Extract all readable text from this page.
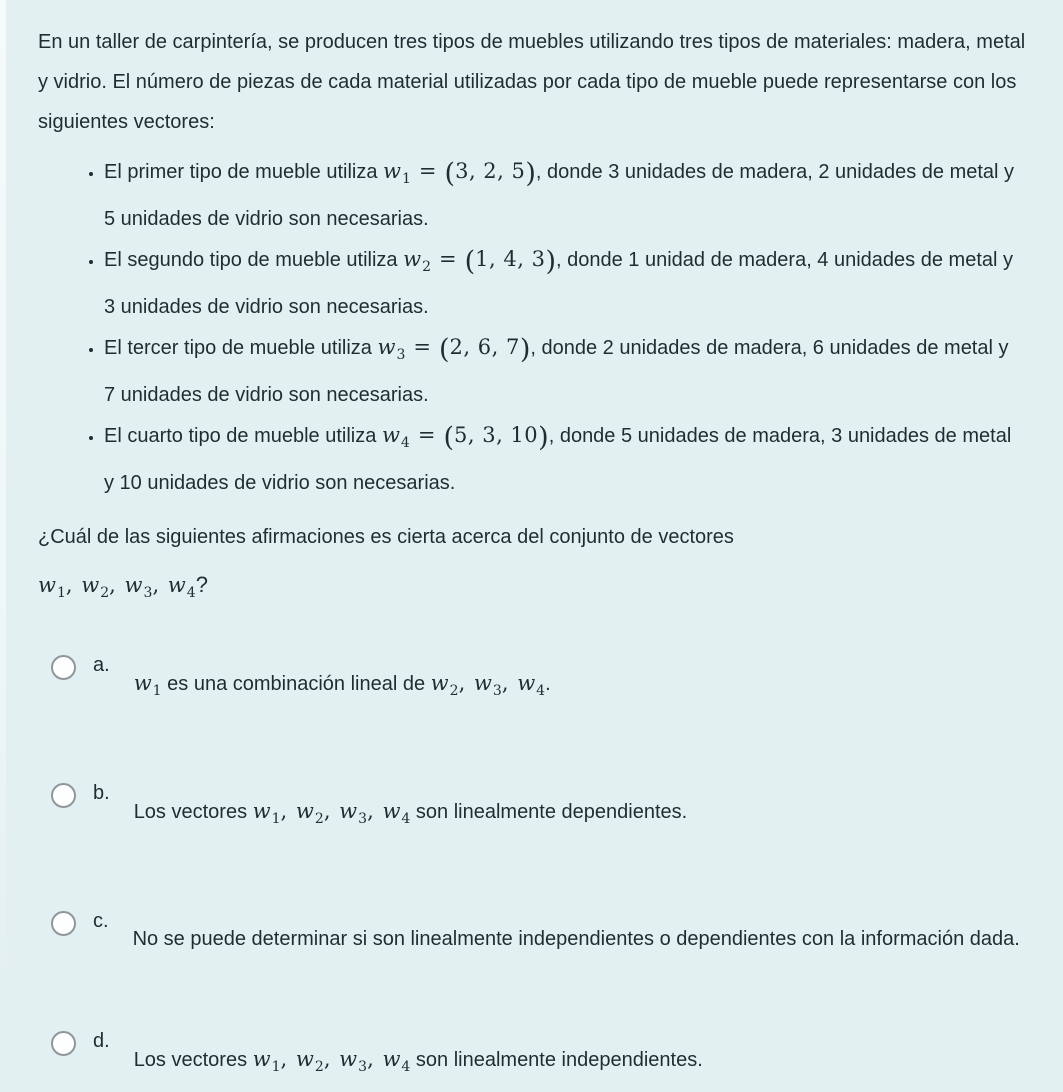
En un taller de carpintería, se producen tres tipos de muebles utilizando tres tipos de materiales: madera, metal y vidrio. El número de piezas de cada material utilizadas por cada tipo de mueble puede representarse con los siguientes vectores:

• El primer tipo de mueble utiliza $w_1 = (3$, 2, 5), donde 3 unidades de madera, 2 unidades de metal y 5 unidades de vidrio son necesarias.
• El segundo tipo de mueble utiliza $w_2 = (1$, 4, 3), donde 1 unidad de madera, 4 unidades de metal y 3 unidades de vidrio son necesarias.
• El tercer tipo de mueble utiliza $w_3 = (2$, 6, 7), donde 2 unidades de madera, 6 unidades de metal y 7 unidades de vidrio son necesarias.
• El cuarto tipo de mueble utiliza $w_4 = (5$, 3, 10), donde 5 unidades de madera, 3 unidades de metal y 10 unidades de vidrio son necesarias.
¿Cuál de las siguientes afirmaciones es cierta acerca del conjunto de vectores
$w_1$, $w_2$, $w_3$, $w_4$?
a.
$w_1$ es una combinación lineal de $w_2$, $w_3$, $w_4$.
b.
Los vectores $w_1$, $w_2$, $w_3$, $w_4$ son linealmente dependientes.
c.
No se puede determinar si son linealmente independientes o dependientes con la información dada.
d.
Los vectores $w_1$, $w_2$, $w_3$, $w_4$ son linealmente independientes.
